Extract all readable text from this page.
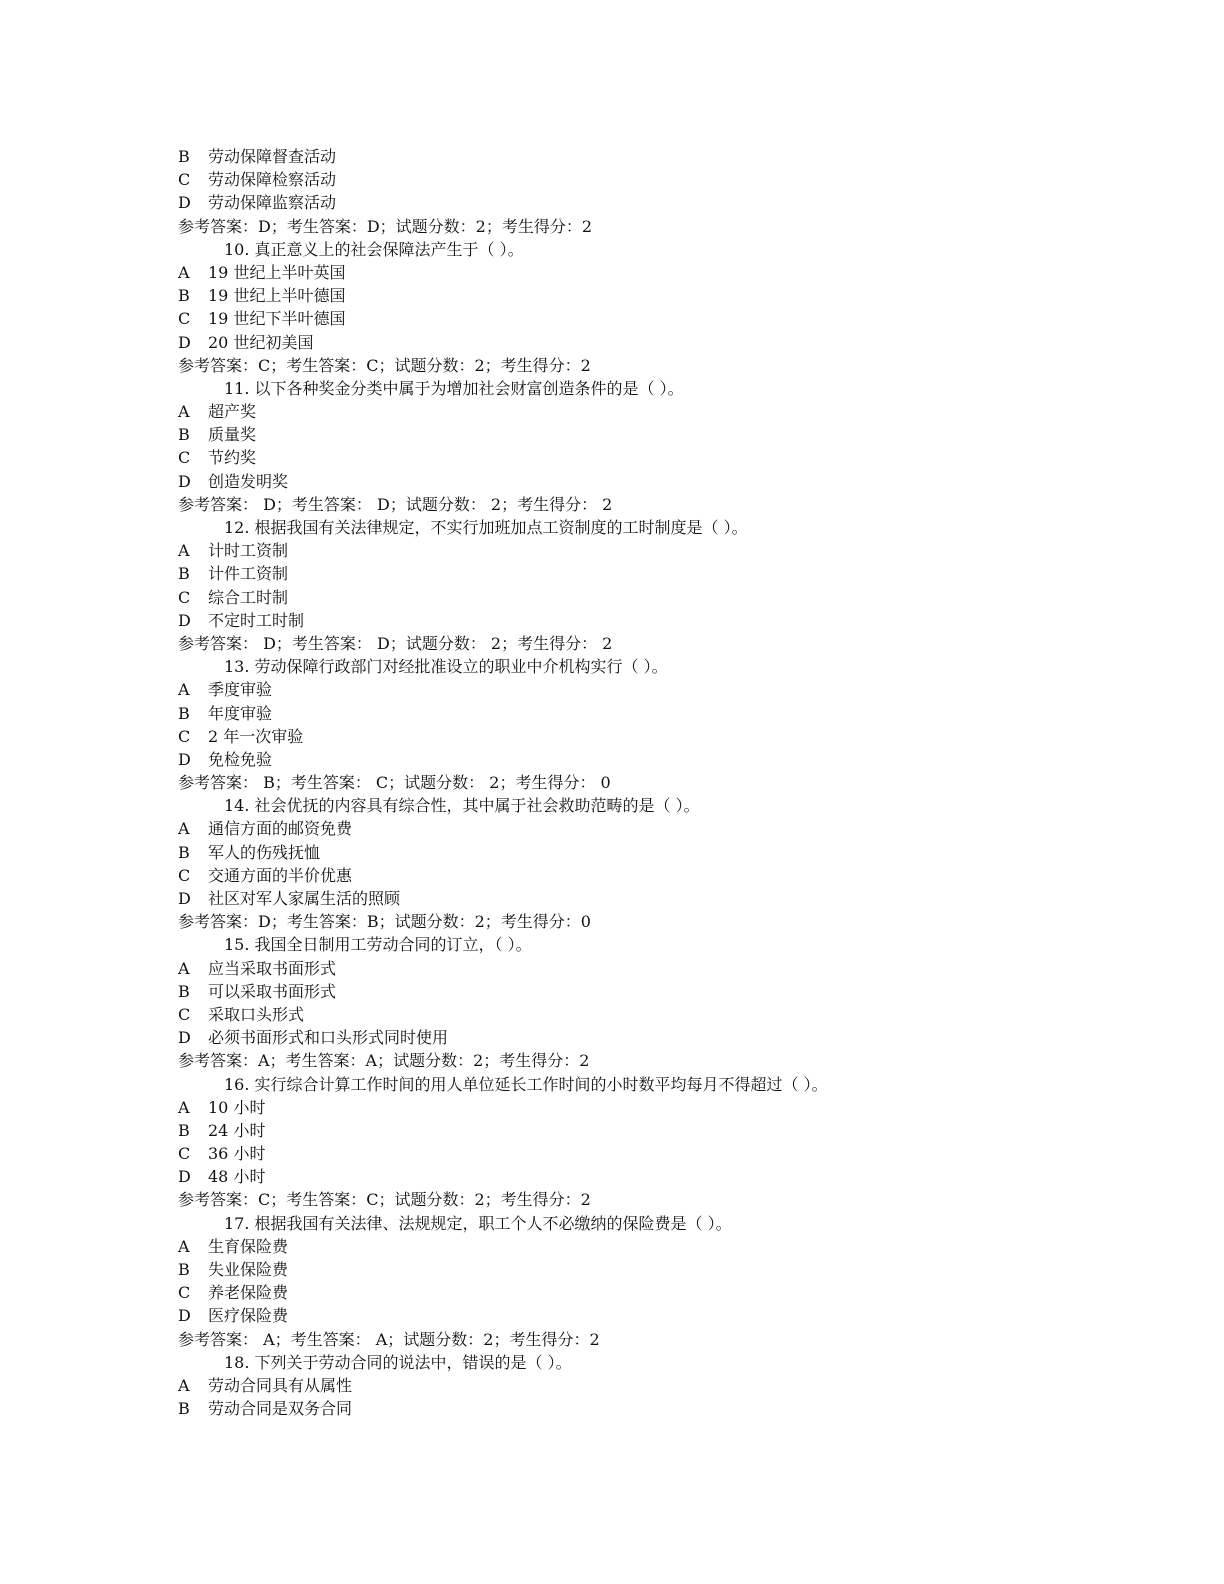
B 劳动保障督查活动
C 劳动保障检察活动
D 劳动保障监察活动
参考答案：D；考生答案：D；试题分数：2；考生得分：2
10. 真正意义上的社会保障法产生于（ ）。
A 19 世纪上半叶英国
B 19 世纪上半叶德国
C 19 世纪下半叶德国
D 20 世纪初美国
参考答案：C；考生答案：C；试题分数：2；考生得分：2
11. 以下各种奖金分类中属于为增加社会财富创造条件的是（ ）。
A 超产奖
B 质量奖
C 节约奖
D 创造发明奖
参考答案： D；考生答案： D；试题分数： 2；考生得分： 2
12. 根据我国有关法律规定，不实行加班加点工资制度的工时制度是（ ）。
A 计时工资制
B 计件工资制
C 综合工时制
D 不定时工时制
参考答案： D；考生答案： D；试题分数： 2；考生得分： 2
13. 劳动保障行政部门对经批准设立的职业中介机构实行（ ）。
A 季度审验
B 年度审验
C 2 年一次审验
D 免检免验
参考答案： B；考生答案： C；试题分数： 2；考生得分： 0
14. 社会优抚的内容具有综合性，其中属于社会救助范畴的是（ ）。
A 通信方面的邮资免费
B 军人的伤残抚恤
C 交通方面的半价优惠
D 社区对军人家属生活的照顾
参考答案：D；考生答案：B；试题分数：2；考生得分：0
15. 我国全日制用工劳动合同的订立，（ ）。
A 应当采取书面形式
B 可以采取书面形式
C 采取口头形式
D 必须书面形式和口头形式同时使用
参考答案：A；考生答案：A；试题分数：2；考生得分：2
16. 实行综合计算工作时间的用人单位延长工作时间的小时数平均每月不得超过（ ）。
A 10 小时
B 24 小时
C 36 小时
D 48 小时
参考答案：C；考生答案：C；试题分数：2；考生得分：2
17. 根据我国有关法律、法规规定，职工个人不必缴纳的保险费是（ ）。
A 生育保险费
B 失业保险费
C 养老保险费
D 医疗保险费
参考答案： A；考生答案： A；试题分数：2；考生得分：2
18. 下列关于劳动合同的说法中，错误的是（ ）。
A 劳动合同具有从属性
B 劳动合同是双务合同
